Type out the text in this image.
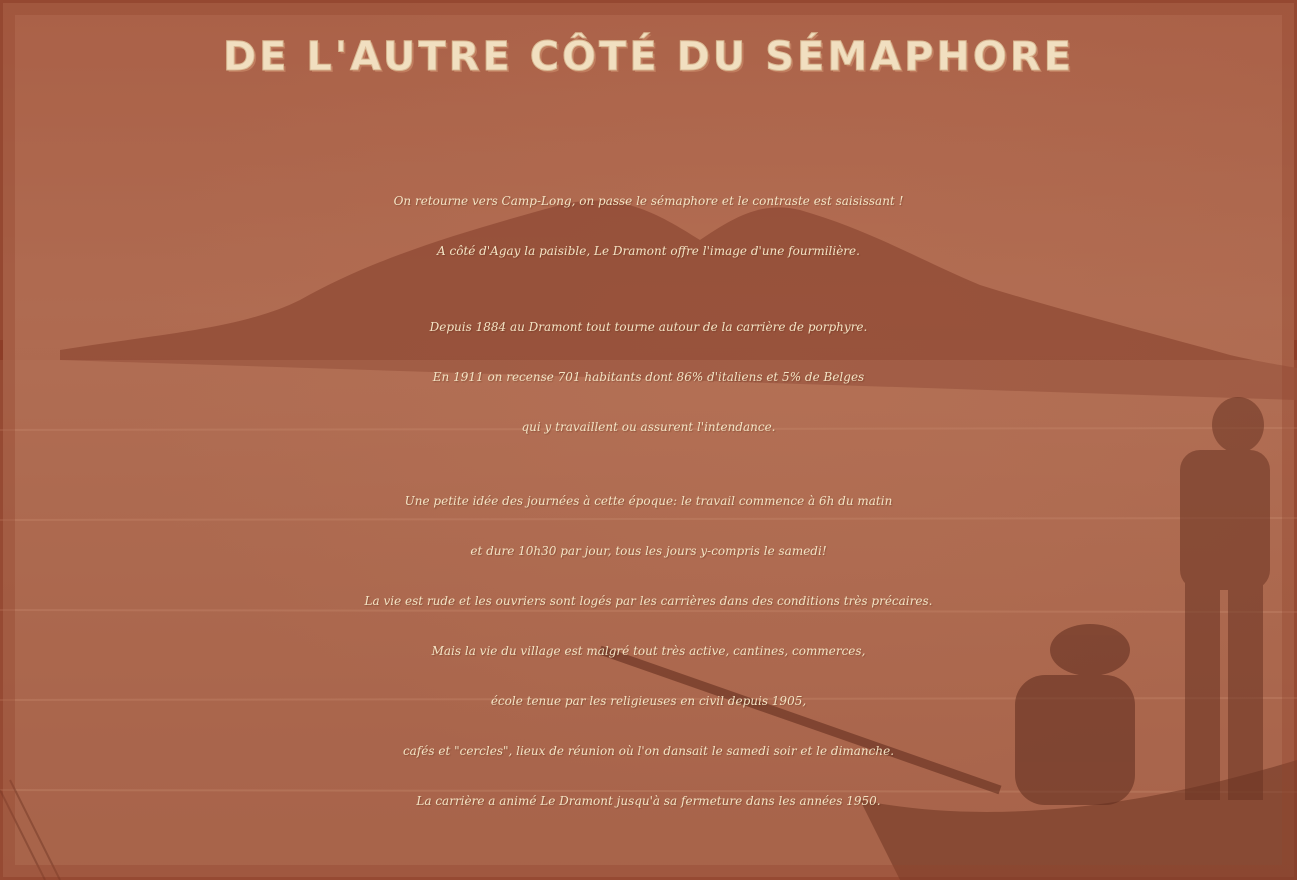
DE L'AUTRE CÔTÉ DU SÉMAPHORE
On retourne vers Camp-Long, on passe le sémaphore et le contraste est saisissant !
A côté d'Agay la paisible, Le Dramont offre l'image d'une fourmilière.
Depuis 1884 au Dramont tout tourne autour de la carrière de porphyre.
En 1911 on recense 701 habitants dont 86% d'italiens et 5% de Belges
qui y travaillent ou assurent l'intendance.
Une petite idée des journées à cette époque: le travail commence à 6h du matin
et dure 10h30 par jour, tous les jours y-compris le samedi!
La vie est rude et les ouvriers sont logés par les carrières dans des conditions très précaires.
Mais la vie du village est malgré tout très active, cantines, commerces,
école tenue par les religieuses en civil depuis 1905,
cafés et "cercles", lieux de réunion où l'on dansait le samedi soir et le dimanche.
La carrière a animé Le Dramont jusqu'à sa fermeture dans les années 1950.
